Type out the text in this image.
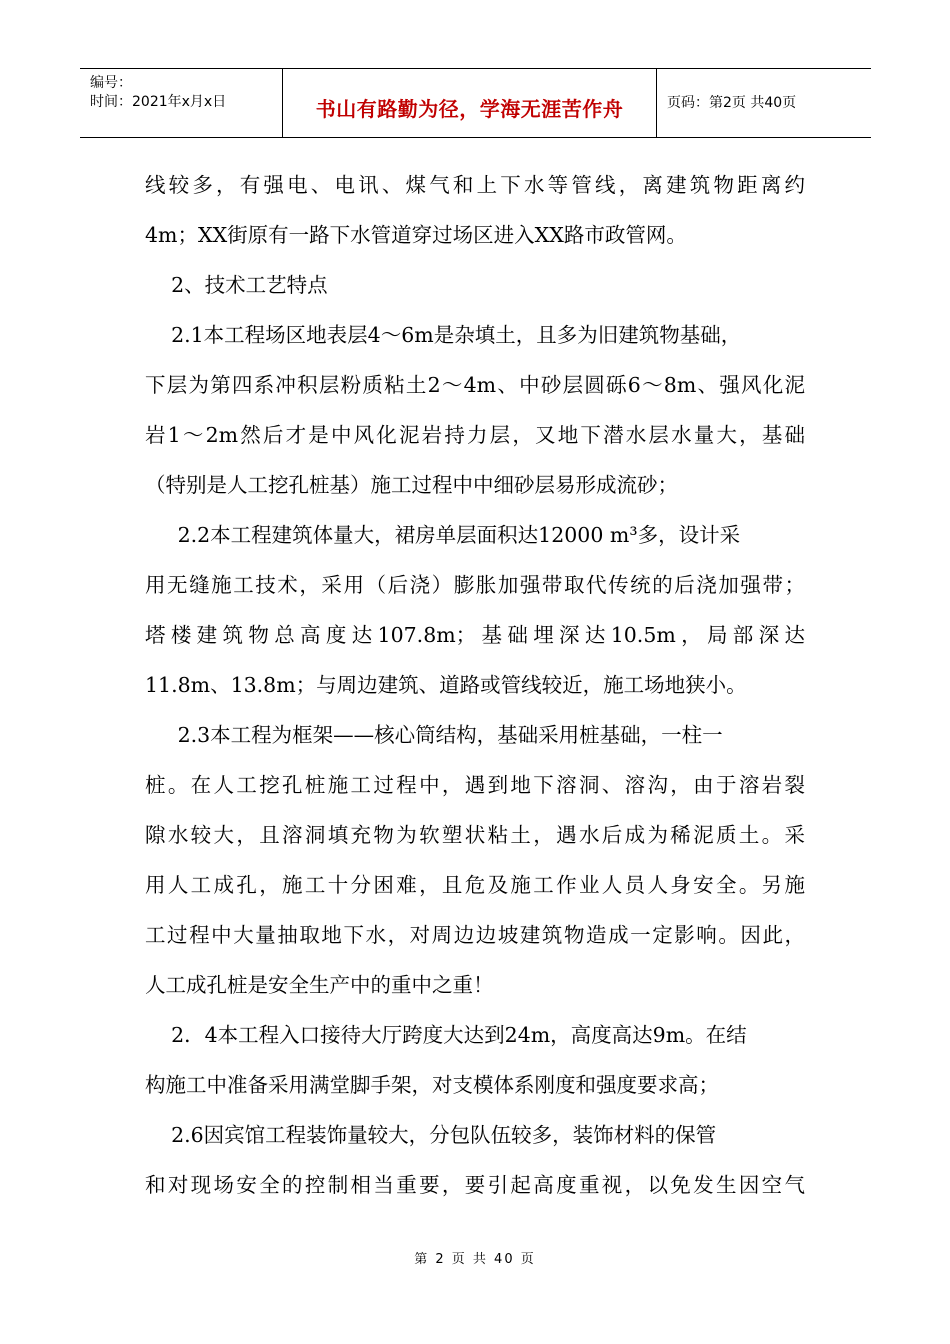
编号：
时间：2021年x月x日	书山有路勤为径，学海无涯苦作舟	页码：第2页 共40页
线较多，有强电、电讯、煤气和上下水等管线，离建筑物距离约
4m；XX街原有一路下水管道穿过场区进入XX路市政管网。
2、技术工艺特点
2.1本工程场区地表层4～6m是杂填土，且多为旧建筑物基础，
下层为第四系冲积层粉质粘土2～4m、中砂层圆砾6～8m、强风化泥
岩1～2m然后才是中风化泥岩持力层，又地下潜水层水量大，基础
（特别是人工挖孔桩基）施工过程中中细砂层易形成流砂；
2.2本工程建筑体量大，裙房单层面积达12000 m³多，设计采
用无缝施工技术，采用（后浇）膨胀加强带取代传统的后浇加强带；
塔楼建筑物总高度达107.8m；基础埋深达10.5m，局部深达
11.8m、13.8m；与周边建筑、道路或管线较近，施工场地狭小。
2.3本工程为框架——核心筒结构，基础采用桩基础，一柱一
桩。在人工挖孔桩施工过程中，遇到地下溶洞、溶沟，由于溶岩裂
隙水较大，且溶洞填充物为软塑状粘土，遇水后成为稀泥质土。采
用人工成孔，施工十分困难，且危及施工作业人员人身安全。另施
工过程中大量抽取地下水，对周边边坡建筑物造成一定影响。因此，
人工成孔桩是安全生产中的重中之重！
2．4本工程入口接待大厅跨度大达到24m，高度高达9m。在结
构施工中准备采用满堂脚手架，对支模体系刚度和强度要求高；
2.6因宾馆工程装饰量较大，分包队伍较多，装饰材料的保管
和对现场安全的控制相当重要，要引起高度重视，以免发生因空气
第 2 页 共 40 页
